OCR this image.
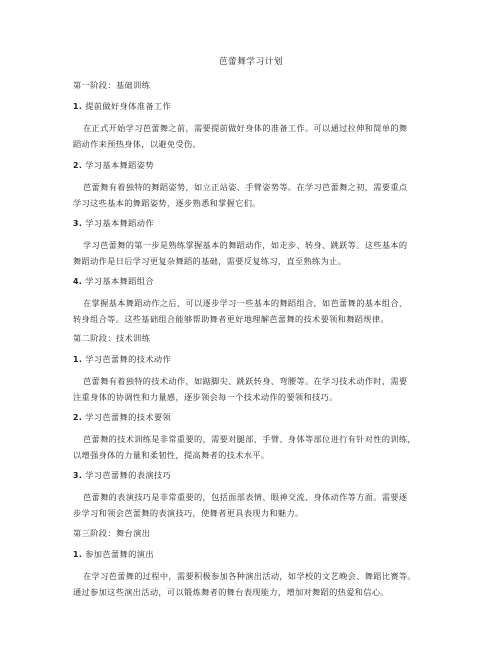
芭蕾舞学习计划
第一阶段：基础训练
1. 提前做好身体准备工作
在正式开始学习芭蕾舞之前，需要提前做好身体的准备工作。可以通过拉伸和简单的舞
蹈动作来预热身体，以避免受伤。
2. 学习基本舞蹈姿势
芭蕾舞有着独特的舞蹈姿势，如立正站姿、手臂姿势等。在学习芭蕾舞之初，需要重点
学习这些基本的舞蹈姿势，逐步熟悉和掌握它们。
3. 学习基本舞蹈动作
学习芭蕾舞的第一步是熟练掌握基本的舞蹈动作，如走步、转身、跳跃等。这些基本的
舞蹈动作是日后学习更复杂舞蹈的基础，需要反复练习，直至熟练为止。
4. 学习基本舞蹈组合
在掌握基本舞蹈动作之后，可以逐步学习一些基本的舞蹈组合，如芭蕾舞的基本组合、
转身组合等。这些基础组合能够帮助舞者更好地理解芭蕾舞的技术要领和舞蹈规律。
第二阶段：技术训练
1. 学习芭蕾舞的技术动作
芭蕾舞有着独特的技术动作，如踮脚尖、跳跃转身、弯腰等。在学习技术动作时，需要
注重身体的协调性和力量感，逐步领会每一个技术动作的要领和技巧。
2. 学习芭蕾舞的技术要领
芭蕾舞的技术训练是非常重要的，需要对腿部、手臂、身体等部位进行有针对性的训练，
以增强身体的力量和柔韧性，提高舞者的技术水平。
3. 学习芭蕾舞的表演技巧
芭蕾舞的表演技巧是非常重要的，包括面部表情、眼神交流、身体动作等方面。需要逐
步学习和领会芭蕾舞的表演技巧，使舞者更具表现力和魅力。
第三阶段：舞台演出
1. 参加芭蕾舞的演出
在学习芭蕾舞的过程中，需要积极参加各种演出活动，如学校的文艺晚会、舞蹈比赛等。
通过参加这些演出活动，可以锻炼舞者的舞台表现能力，增加对舞蹈的热爱和信心。
